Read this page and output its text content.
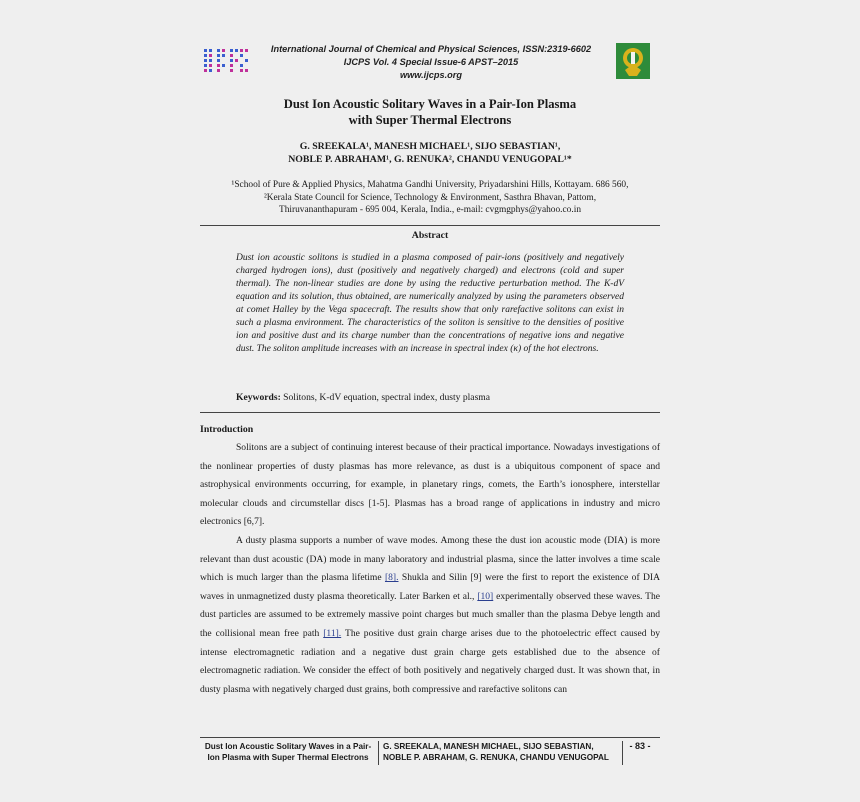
International Journal of Chemical and Physical Sciences, ISSN:2319-6602
IJCPS Vol. 4 Special Issue-6 APST–2015
www.ijcps.org
Dust Ion Acoustic Solitary Waves in a Pair-Ion Plasma
with Super Thermal Electrons
G. SREEKALA¹, MANESH MICHAEL¹, SIJO SEBASTIAN¹,
NOBLE P. ABRAHAM¹, G. RENUKA², CHANDU VENUGOPAL¹*
¹School of Pure & Applied Physics, Mahatma Gandhi University, Priyadarshini Hills, Kottayam. 686 560,
²Kerala State Council for Science, Technology & Environment, Sasthra Bhavan, Pattom,
Thiruvananthapuram - 695 004, Kerala, India., e-mail: cvgmgphys@yahoo.co.in
Abstract
Dust ion acoustic solitons is studied in a plasma composed of pair-ions (positively and negatively charged hydrogen ions), dust (positively and negatively charged) and electrons (cold and super thermal). The non-linear studies are done by using the reductive perturbation method. The K-dV equation and its solution, thus obtained, are numerically analyzed by using the parameters observed at comet Halley by the Vega spacecraft. The results show that only rarefactive solitons can exist in such a plasma environment. The characteristics of the soliton is sensitive to the densities of positive ion and positive dust and its charge number than the concentrations of negative ions and negative dust. The soliton amplitude increases with an increase in spectral index (κ) of the hot electrons.
Keywords: Solitons, K-dV equation, spectral index, dusty plasma
Introduction

Solitons are a subject of continuing interest because of their practical importance. Nowadays investigations of the nonlinear properties of dusty plasmas has more relevance, as dust is a ubiquitous component of space and astrophysical environments occurring, for example, in planetary rings, comets, the Earth’s ionosphere, interstellar molecular clouds and circumstellar discs [1-5]. Plasmas has a broad range of applications in industry and micro electronics [6,7].

A dusty plasma supports a number of wave modes. Among these the dust ion acoustic mode (DIA) is more relevant than dust acoustic (DA) mode in many laboratory and industrial plasma, since the latter involves a time scale which is much larger than the plasma lifetime [8]. Shukla and Silin [9] were the first to report the existence of DIA waves in unmagnetized dusty plasma theoretically. Later Barken et al., [10] experimentally observed these waves. The dust particles are assumed to be extremely massive point charges but much smaller than the plasma Debye length and the collisional mean free path [11]. The positive dust grain charge arises due to the photoelectric effect caused by intense electromagnetic radiation and a negative dust grain charge gets established due to the absence of electromagnetic radiation. We consider the effect of both positively and negatively charged dust. It was shown that, in dusty plasma with negatively charged dust grains, both compressive and rarefactive solitons can

Dust Ion Acoustic Solitary Waves in a Pair-
Ion Plasma with Super Thermal Electrons
G. SREEKALA, MANESH MICHAEL, SIJO SEBASTIAN,
NOBLE P. ABRAHAM, G. RENUKA, CHANDU VENUGOPAL
- 83 -
